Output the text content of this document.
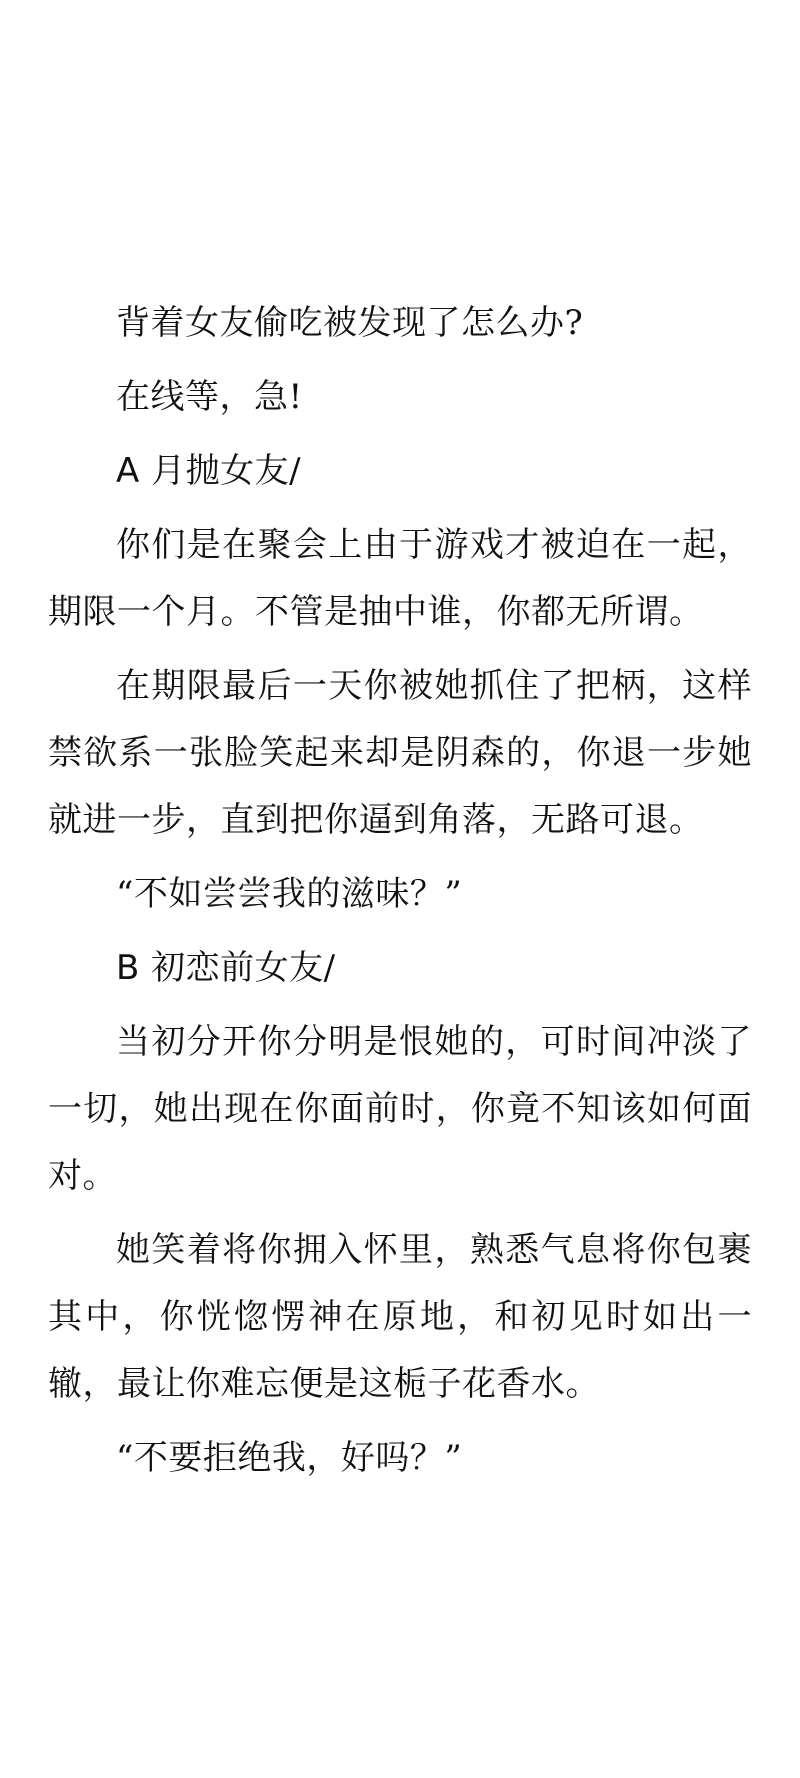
背着女友偷吃被发现了怎么办?

在线等，急!

A 月抛女友/

你们是在聚会上由于游戏才被迫在一起，期限一个月。不管是抽中谁，你都无所谓。

在期限最后一天你被她抓住了把柄，这样禁欲系一张脸笑起来却是阴森的，你退一步她就进一步，直到把你逼到角落，无路可退。

“不如尝尝我的滋味？”

B 初恋前女友/

当初分开你分明是恨她的，可时间冲淡了一切，她出现在你面前时，你竟不知该如何面对。

她笑着将你拥入怀里，熟悉气息将你包裹其中，你恍惚愣神在原地，和初见时如出一辙，最让你难忘便是这栀子花香水。

“不要拒绝我，好吗？”
